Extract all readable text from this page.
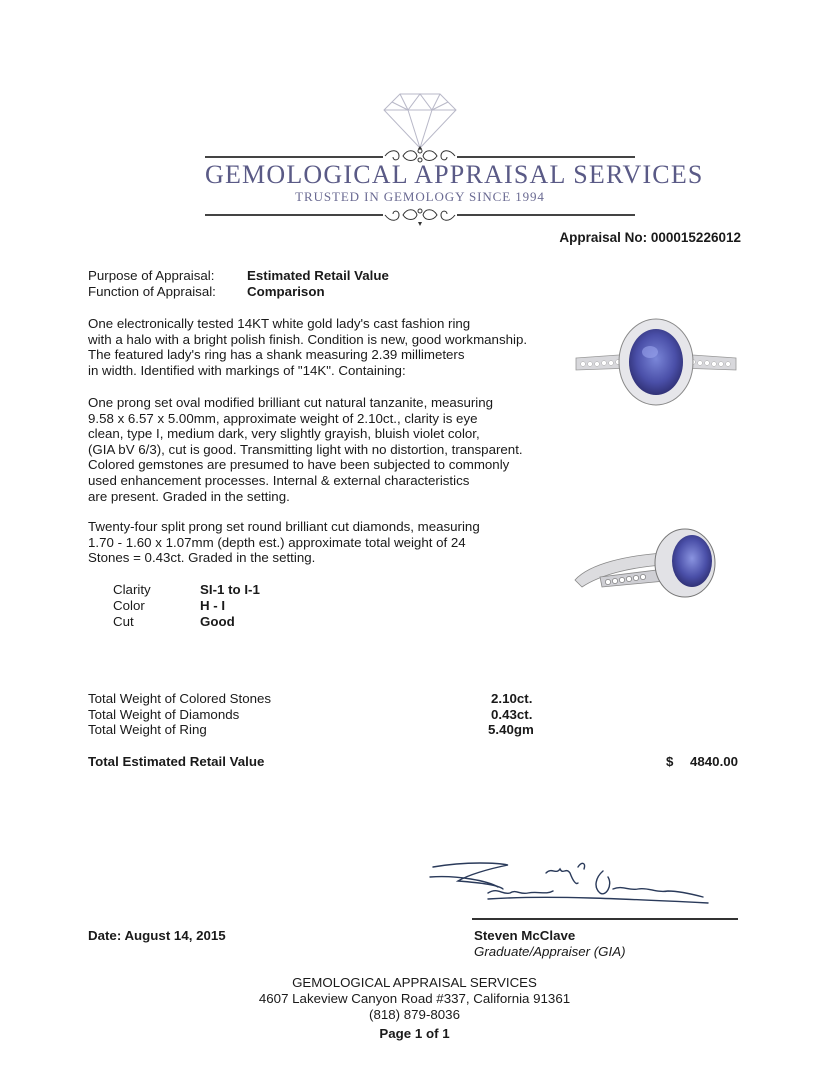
GEMOLOGICAL APPRAISAL SERVICES
TRUSTED IN GEMOLOGY SINCE 1994
Appraisal No: 000015226012
Purpose of Appraisal: Estimated Retail Value
Function of Appraisal: Comparison

One electronically tested 14KT white gold lady's cast fashion ring

with a halo with a bright polish finish. Condition is new, good workmanship.

The featured lady's ring has a shank measuring 2.39 millimeters

in width. Identified with markings of "14K". Containing:

One prong set oval modified brilliant cut natural tanzanite, measuring

9.58 x 6.57 x 5.00mm, approximate weight of 2.10ct., clarity is eye

clean, type I, medium dark, very slightly grayish, bluish violet color,

(GIA bV 6/3), cut is good. Transmitting light with no distortion, transparent.

Colored gemstones are presumed to have been subjected to commonly

used enhancement processes. Internal & external characteristics

are present. Graded in the setting.

Twenty-four split prong set round brilliant cut diamonds, measuring

1.70 - 1.60 x 1.07mm (depth est.) approximate total weight of 24

Stones = 0.43ct. Graded in the setting.

Clarity	SI-1 to I-1
Color	H - I
Cut	Good
Total Weight of Colored Stones	2.10ct.
Total Weight of Diamonds	0.43ct.
Total Weight of Ring	5.40gm
Total Estimated Retail Value	$ 4840.00
Date: August 14, 2015	Steven McClave
Graduate/Appraiser (GIA)
GEMOLOGICAL APPRAISAL SERVICES
4607 Lakeview Canyon Road #337, California 91361
(818) 879-8036
Page 1 of 1
